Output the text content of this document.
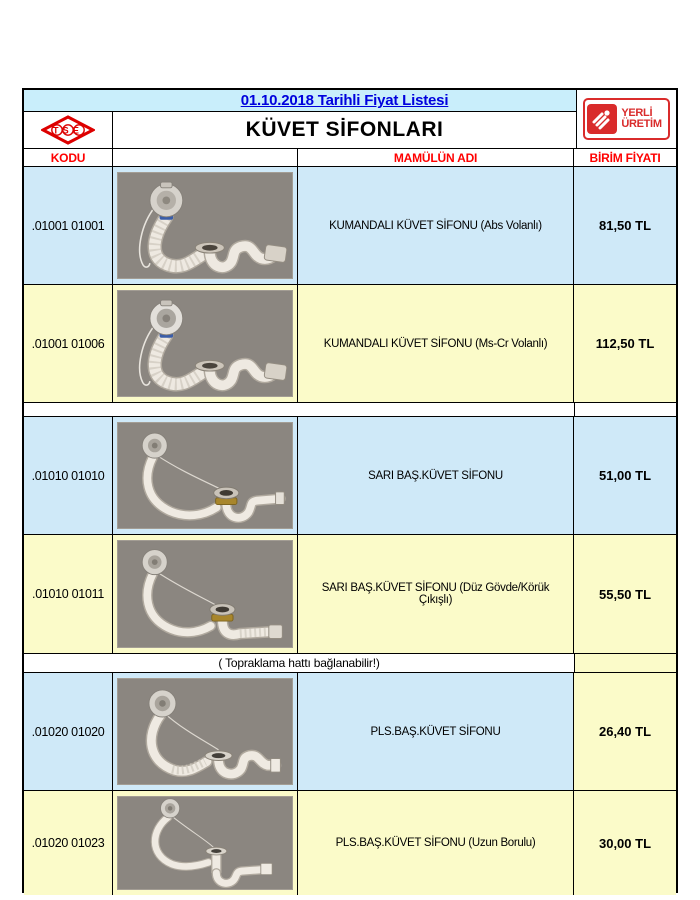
01.10.2018 Tarihli Fiyat Listesi
TSE	KÜVET SİFONLARI
YERLİ
ÜRETİM
KODU	MAMÜLÜN ADI	BİRİM FİYATI
.01001 01001	KUMANDALI KÜVET SİFONU (Abs Volanlı)	81,50 TL
.01001 01006	KUMANDALI KÜVET SİFONU (Ms-Cr Volanlı)	112,50 TL
.01010 01010	SARI BAŞ.KÜVET SİFONU	51,00 TL
.01010 01011	SARI BAŞ.KÜVET SİFONU (Düz Gövde/Körük Çıkışlı)	55,50 TL
( Topraklama hattı bağlanabilir!)
.01020 01020	PLS.BAŞ.KÜVET SİFONU	26,40 TL
.01020 01023	PLS.BAŞ.KÜVET SİFONU (Uzun Borulu)	30,00 TL
